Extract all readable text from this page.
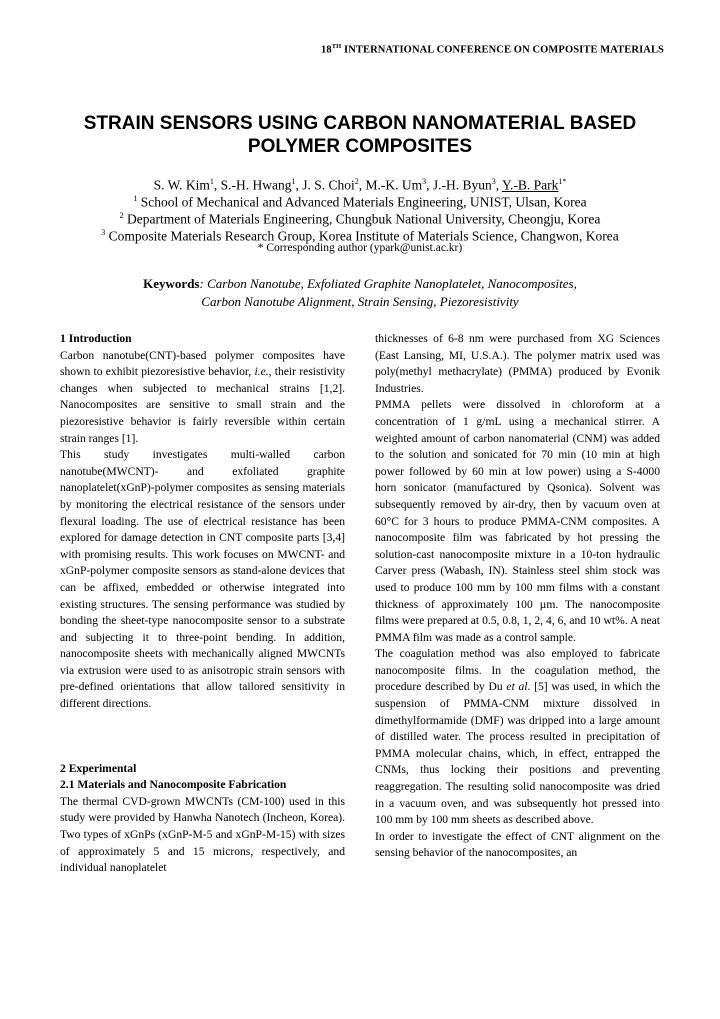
18TH INTERNATIONAL CONFERENCE ON COMPOSITE MATERIALS
STRAIN SENSORS USING CARBON NANOMATERIAL BASED
POLYMER COMPOSITES
S. W. Kim$^1$, S.-H. Hwang$^1$, J. S. Choi$^2$, M.-K. Um$^3$, J.-H. Byun$^3$, Y.-B. Park$^{1*}$
$^1$ School of Mechanical and Advanced Materials Engineering, UNIST, Ulsan, Korea
$^2$ Department of Materials Engineering, Chungbuk National University, Cheongju, Korea
$^3$ Composite Materials Research Group, Korea Institute of Materials Science, Changwon, Korea
* Corresponding author (ypark@unist.ac.kr)
Keywords: Carbon Nanotube, Exfoliated Graphite Nanoplatelet, Nanocomposites,
Carbon Nanotube Alignment, Strain Sensing, Piezoresistivity

1 Introduction

Carbon nanotube(CNT)-based polymer composites have shown to exhibit piezoresistive behavior, i.e., their resistivity changes when subjected to mechanical strains [1,2]. Nanocomposites are sensitive to small strain and the piezoresistive behavior is fairly reversible within certain strain ranges [1].

This study investigates multi-walled carbon nanotube(MWCNT)- and exfoliated graphite nanoplatelet(xGnP)-polymer composites as sensing materials by monitoring the electrical resistance of the sensors under flexural loading. The use of electrical resistance has been explored for damage detection in CNT composite parts [3,4] with promising results. This work focuses on MWCNT- and xGnP-polymer composite sensors as stand-alone devices that can be affixed, embedded or otherwise integrated into existing structures. The sensing performance was studied by bonding the sheet-type nanocomposite sensor to a substrate and subjecting it to three-point bending. In addition, nanocomposite sheets with mechanically aligned MWCNTs via extrusion were used to as anisotropic strain sensors with pre-defined orientations that allow tailored sensitivity in different directions.

2 Experimental

2.1 Materials and Nanocomposite Fabrication

The thermal CVD-grown MWCNTs (CM-100) used in this study were provided by Hanwha Nanotech (Incheon, Korea). Two types of xGnPs (xGnP-M-5 and xGnP-M-15) with sizes of approximately 5 and 15 microns, respectively, and individual nanoplatelet

thicknesses of 6-8 nm were purchased from XG Sciences (East Lansing, MI, U.S.A.). The polymer matrix used was poly(methyl methacrylate) (PMMA) produced by Evonik Industries.

PMMA pellets were dissolved in chloroform at a concentration of 1 g/mL using a mechanical stirrer. A weighted amount of carbon nanomaterial (CNM) was added to the solution and sonicated for 70 min (10 min at high power followed by 60 min at low power) using a S-4000 horn sonicator (manufactured by Qsonica). Solvent was subsequently removed by air-dry, then by vacuum oven at 60°C for 3 hours to produce PMMA-CNM composites. A nanocomposite film was fabricated by hot pressing the solution-cast nanocomposite mixture in a 10-ton hydraulic Carver press (Wabash, IN). Stainless steel shim stock was used to produce 100 mm by 100 mm films with a constant thickness of approximately 100 µm. The nanocomposite films were prepared at 0.5, 0.8, 1, 2, 4, 6, and 10 wt%. A neat PMMA film was made as a control sample.

The coagulation method was also employed to fabricate nanocomposite films. In the coagulation method, the procedure described by Du et al. [5] was used, in which the suspension of PMMA-CNM mixture dissolved in dimethylformamide (DMF) was dripped into a large amount of distilled water. The process resulted in precipitation of PMMA molecular chains, which, in effect, entrapped the CNMs, thus locking their positions and preventing reaggregation. The resulting solid nanocomposite was dried in a vacuum oven, and was subsequently hot pressed into 100 mm by 100 mm sheets as described above.

In order to investigate the effect of CNT alignment on the sensing behavior of the nanocomposites, an
